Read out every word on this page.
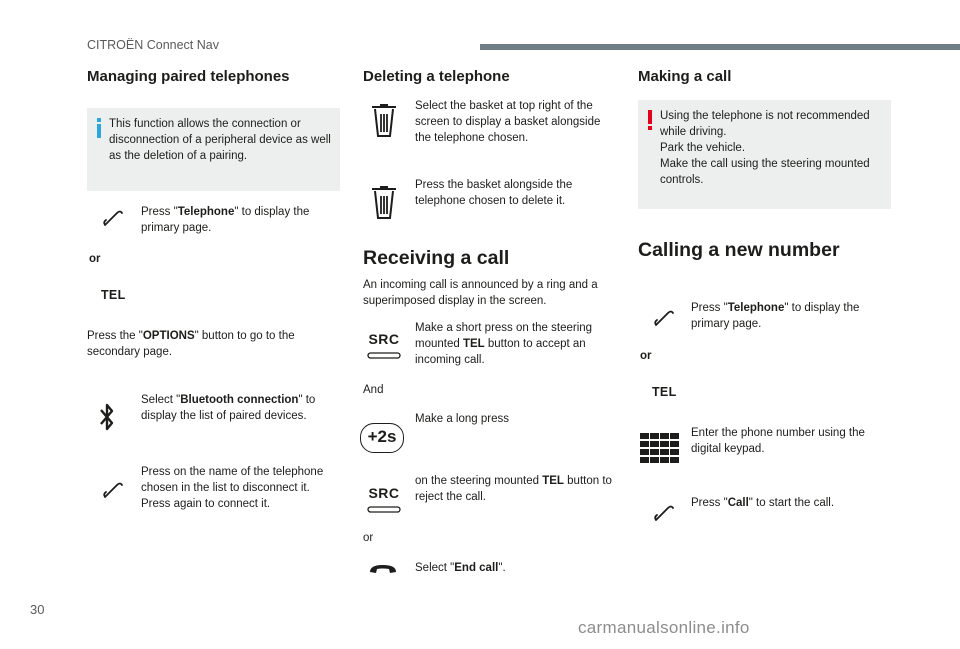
CITROËN Connect Nav
Managing paired telephones
This function allows the connection or disconnection of a peripheral device as well as the deletion of a pairing.

Press "Telephone" to display the primary page.

or
TEL

Press the "OPTIONS" button to go to the secondary page.

Select "Bluetooth connection" to display the list of paired devices.

Press on the name of the telephone chosen in the list to disconnect it. Press again to connect it.

Deleting a telephone

Select the basket at top right of the screen to display a basket alongside the telephone chosen.

Press the basket alongside the telephone chosen to delete it.

Receiving a call

An incoming call is announced by a ring and a superimposed display in the screen.

SRC

Make a short press on the steering mounted TEL button to accept an incoming call.

And
+2s

Make a long press

SRC

on the steering mounted TEL button to reject the call.

or

Select "End call".

Making a call
Using the telephone is not recommended while driving.
Park the vehicle.
Make the call using the steering mounted controls.
Calling a new number

Press "Telephone" to display the primary page.

or
TEL

Enter the phone number using the digital keypad.

Press "Call" to start the call.

30
carmanualsonline.info
